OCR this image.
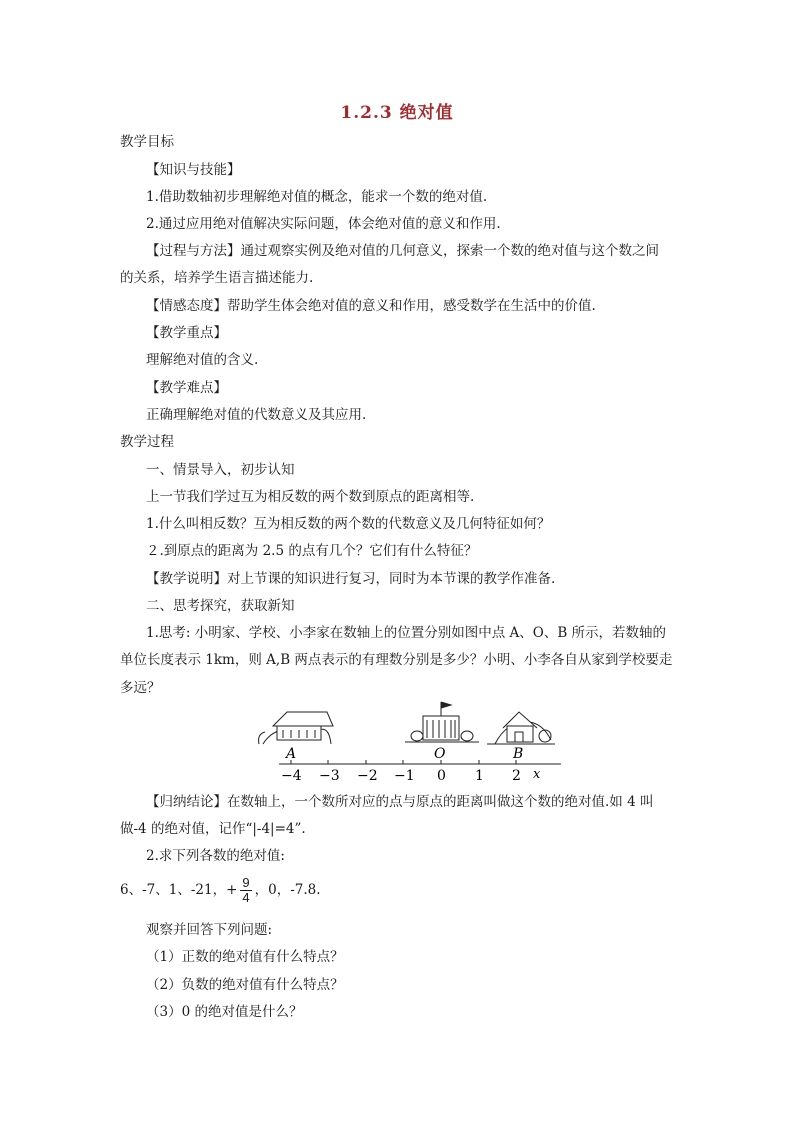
1.2.3 绝对值
教学目标
【知识与技能】
1.借助数轴初步理解绝对值的概念，能求一个数的绝对值.
2.通过应用绝对值解决实际问题，体会绝对值的意义和作用.
【过程与方法】通过观察实例及绝对值的几何意义，探索一个数的绝对值与这个数之间
的关系，培养学生语言描述能力.
【情感态度】帮助学生体会绝对值的意义和作用，感受数学在生活中的价值.
【教学重点】
理解绝对值的含义.
【教学难点】
正确理解绝对值的代数意义及其应用.
教学过程
一、情景导入，初步认知
上一节我们学过互为相反数的两个数到原点的距离相等.
1.什么叫相反数？互为相反数的两个数的代数意义及几何特征如何？
２.到原点的距离为 2.5 的点有几个？它们有什么特征？
【教学说明】对上节课的知识进行复习，同时为本节课的教学作准备.
二、思考探究，获取新知
1.思考: 小明家、学校、小李家在数轴上的位置分别如图中点 A、O、B 所示，若数轴的
单位长度表示 1km，则 A,B 两点表示的有理数分别是多少？小明、小李各自从家到学校要走
多远？
A	O	B
−4 −3 −2 −1 0 1 2 x
【归纳结论】在数轴上，一个数所对应的点与原点的距离叫做这个数的绝对值.如 4 叫
做-4 的绝对值，记作“|-4|=4”.
2.求下列各数的绝对值:
6、-7、1、-21，+ $\frac{9}{4}$ ，0，-7.8.
观察并回答下列问题:
（1）正数的绝对值有什么特点？
（2）负数的绝对值有什么特点？
（3）0 的绝对值是什么？
